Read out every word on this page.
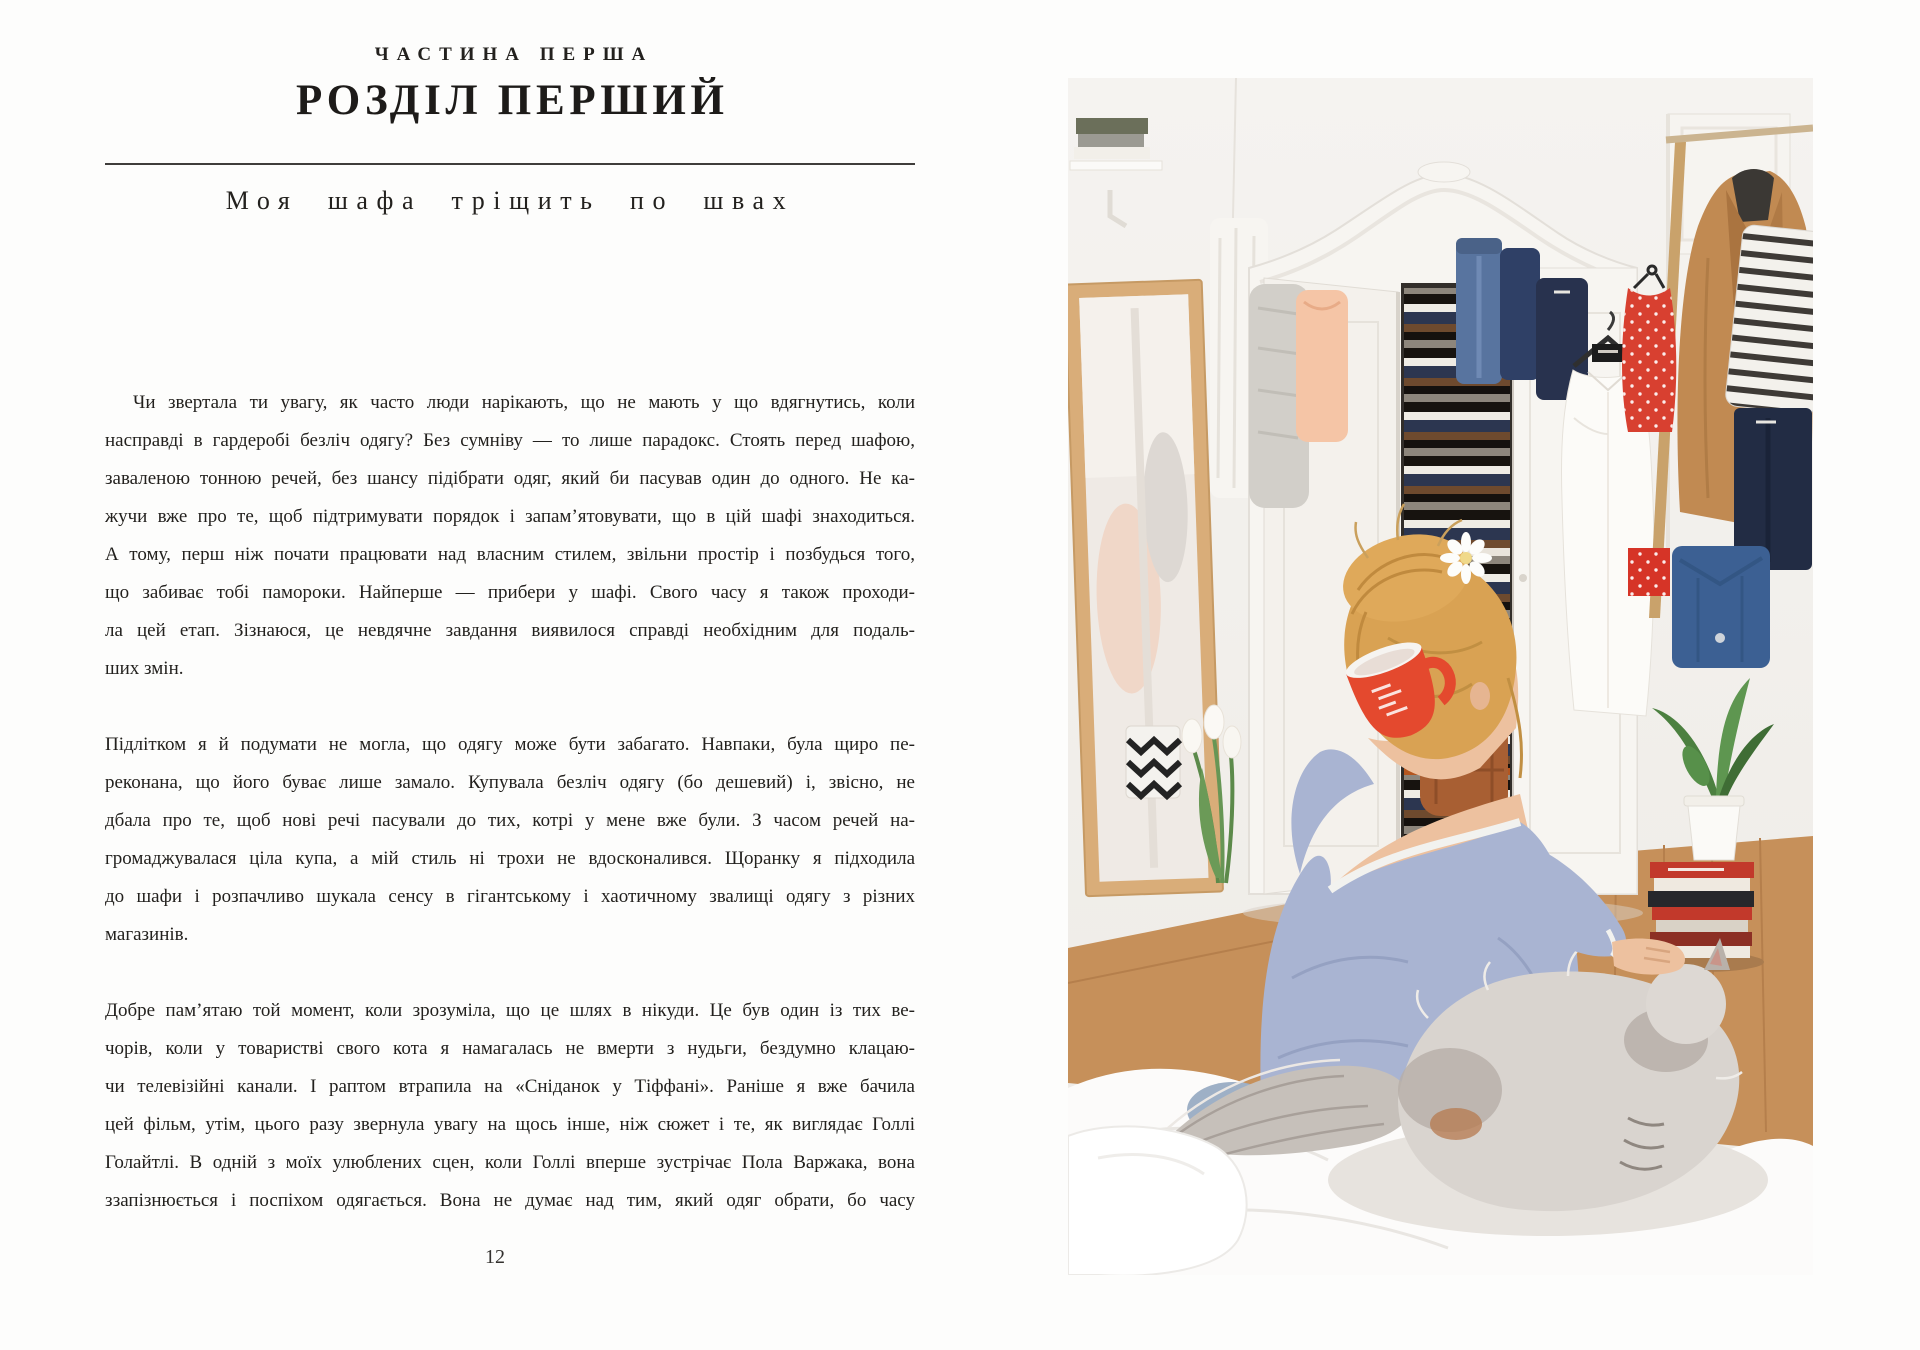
ЧАСТИНА ПЕРША
РОЗДІЛ ПЕРШИЙ
Моя шафа тріщить по швах
Чи звертала ти увагу, як часто люди нарікають, що не мають у що вдягнутись, коли
насправді в гардеробі безліч одягу? Без сумніву — то лише парадокс. Стоять перед шафою,
заваленою тонною речей, без шансу підібрати одяг, який би пасував один до одного. Не ка-
жучи вже про те, щоб підтримувати порядок і запам’ятовувати, що в цій шафі знаходиться.
А тому, перш ніж почати працювати над власним стилем, звільни простір і позбудься того,
що забиває тобі памороки. Найперше — прибери у шафі. Свого часу я також проходи-
ла цей етап. Зізнаюся, це невдячне завдання виявилося справді необхідним для подаль-
ших змін.
Підлітком я й подумати не могла, що одягу може бути забагато. Навпаки, була щиро пе-
реконана, що його буває лише замало. Купувала безліч одягу (бо дешевий) і, звісно, не
дбала про те, щоб нові речі пасували до тих, котрі у мене вже були. З часом речей на-
громаджувалася ціла купа, а мій стиль ні трохи не вдосконалився. Щоранку я підходила
до шафи і розпачливо шукала сенсу в гігантському і хаотичному звалищі одягу з різних
магазинів.
Добре пам’ятаю той момент, коли зрозуміла, що це шлях в нікуди. Це був один із тих ве-
чорів, коли у товаристві свого кота я намагалась не вмерти з нудьги, бездумно клацаю-
чи телевізійні канали. І раптом втрапила на «Сніданок у Тіффані». Раніше я вже бачила
цей фільм, утім, цього разу звернула увагу на щось інше, ніж сюжет і те, як виглядає Голлі
Голайтлі. В одній з моїх улюблених сцен, коли Голлі вперше зустрічає Пола Варжака, вона
ззапізнюється і поспіхом одягається. Вона не думає над тим, який одяг обрати, бо часу
12
